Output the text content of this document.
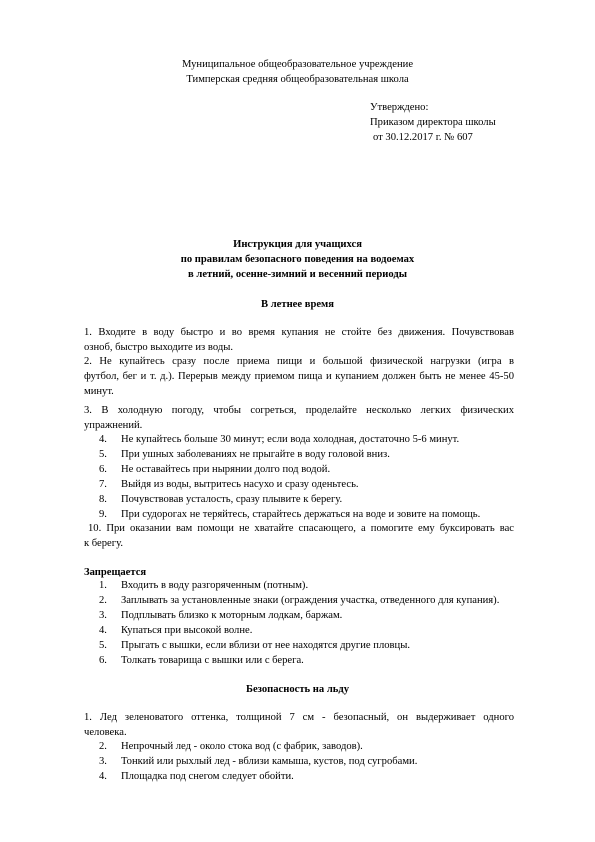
Муниципальное общеобразовательное учреждение
Тимперская средняя общеобразовательная школа
Утверждено:
Приказом директора школы
от 30.12.2017 г. № 607
Инструкция для учащихся
по правилам безопасного поведения на водоемах
в летний, осенне-зимний и весенний периоды
В летнее время
1. Входите в воду быстро и во время купания не стойте без движения. Почувствовав
озноб, быстро выходите из воды.
2. Не купайтесь сразу после приема пищи и большой физической нагрузки (игра в
футбол, бег и т. д.). Перерыв между приемом пища и купанием должен быть не менее 45-50
минут.
3. В холодную погоду, чтобы согреться, проделайте несколько легких физических
упражнений.
4. Не купайтесь больше 30 минут; если вода холодная, достаточно 5-6 минут.
5. При ушных заболеваниях не прыгайте в воду головой вниз.
6. Не оставайтесь при нырянии долго под водой.
7. Выйдя из воды, вытритесь насухо и сразу оденьтесь.
8. Почувствовав усталость, сразу плывите к берегу.
9. При судорогах не теряйтесь, старайтесь держаться на воде и зовите на помощь.
10. При оказании вам помощи не хватайте спасающего, а помогите ему буксировать вас
к берегу.
Запрещается
1. Входить в воду разгоряченным (потным).
2. Заплывать за установленные знаки (ограждения участка, отведенного для купания).
3. Подплывать близко к моторным лодкам, баржам.
4. Купаться при высокой волне.
5. Прыгать с вышки, если вблизи от нее находятся другие пловцы.
6. Толкать товарища с вышки или с берега.
Безопасность на льду
1. Лед зеленоватого оттенка, толщиной 7 см - безопасный, он выдерживает одного
человека.
2. Непрочный лед - около стока вод (с фабрик, заводов).
3. Тонкий или рыхлый лед - вблизи камыша, кустов, под сугробами.
4. Площадка под снегом следует обойти.
